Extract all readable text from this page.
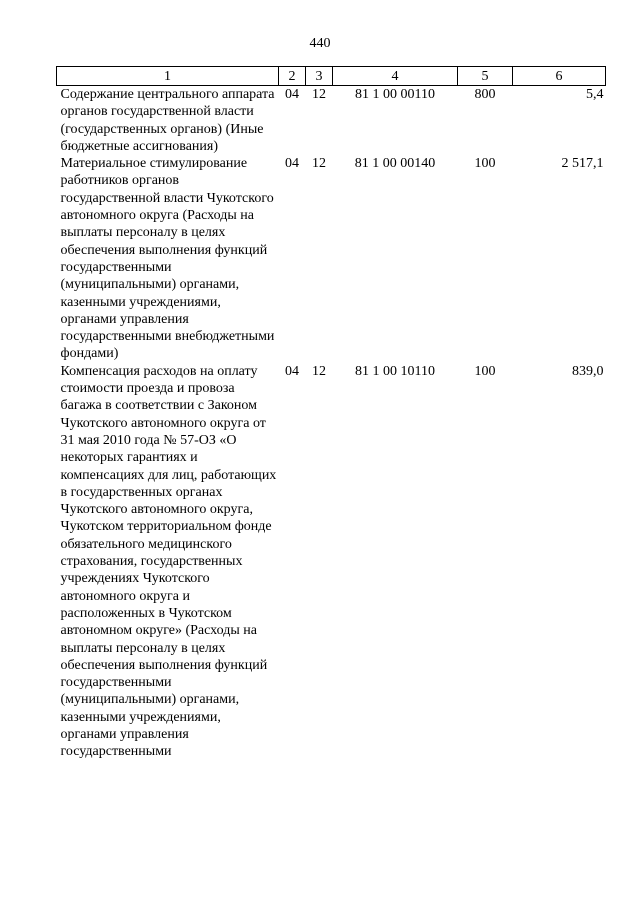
440
1	2	3	4	5	6
Содержание центрального аппарата органов государственной власти (государственных органов) (Иные бюджетные ассигнования)	04	12	81 1 00 00110	800	5,4
Материальное стимулирование работников органов государственной власти Чукотского автономного округа (Расходы на выплаты персоналу в целях обеспечения выполнения функций государственными (муниципальными) органами, казенными учреждениями, органами управления государственными внебюджетными фондами)	04	12	81 1 00 00140	100	2 517,1
Компенсация расходов на оплату стоимости проезда и провоза багажа в соответствии с Законом Чукотского автономного округа от 31 мая 2010 года № 57-ОЗ «О некоторых гарантиях и компенсациях для лиц, работающих в государственных органах Чукотского автономного округа, Чукотском территориальном фонде обязательного медицинского страхования, государственных учреждениях Чукотского автономного округа и расположенных в Чукотском автономном округе» (Расходы на выплаты персоналу в целях обеспечения выполнения функций государственными (муниципальными) органами, казенными учреждениями, органами управления государственными	04	12	81 1 00 10110	100	839,0
